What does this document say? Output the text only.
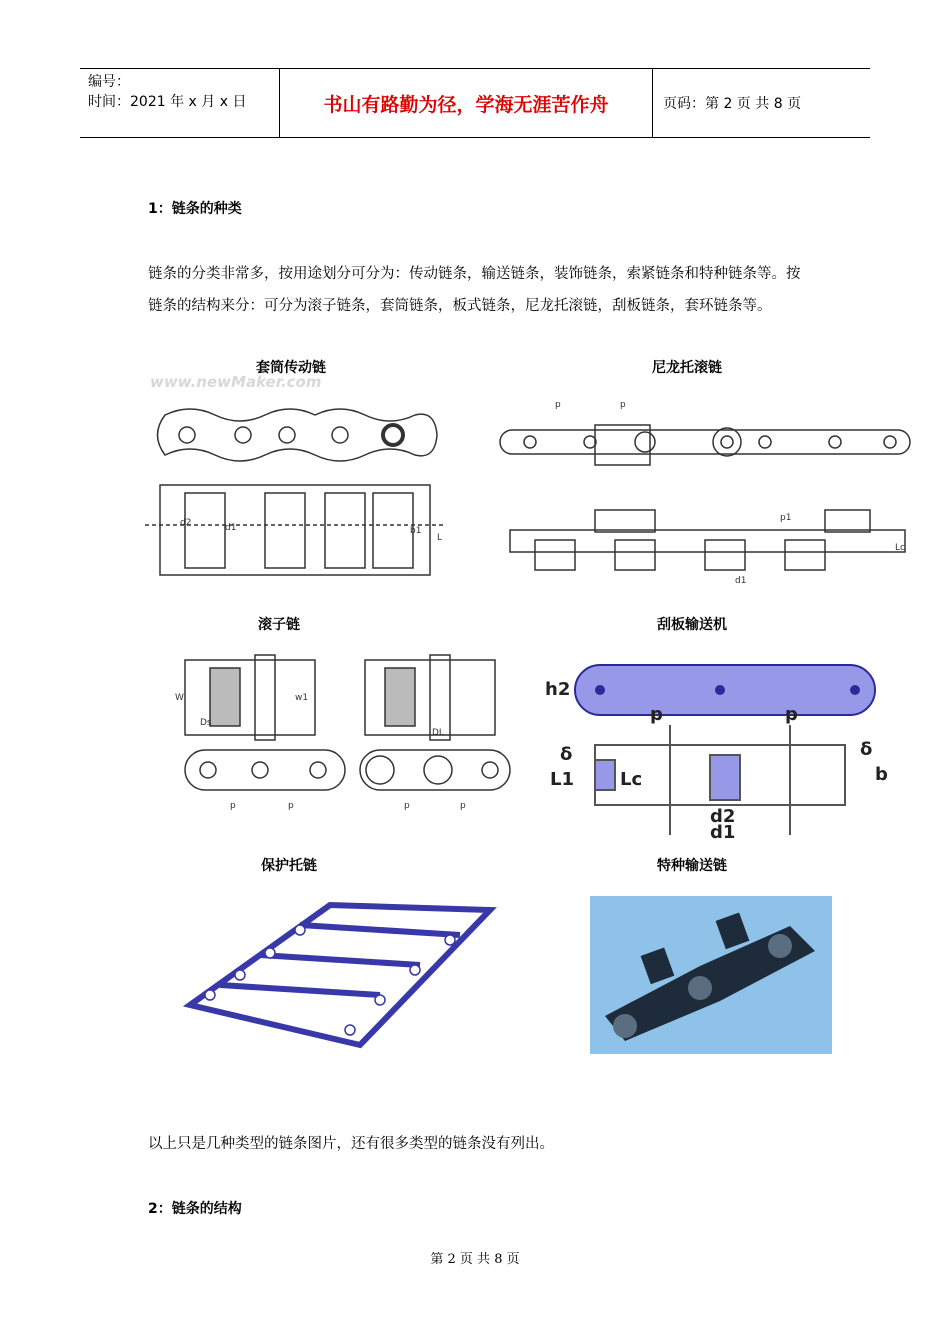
编号：
时间：2021 年 x 月 x 日	书山有路勤为径，学海无涯苦作舟	页码：第 2 页 共 8 页
1：链条的种类
链条的分类非常多，按用途划分可分为：传动链条，输送链条，装饰链条，索紧链条和特种链条等。按链条的结构来分：可分为滚子链条，套筒链条，板式链条，尼龙托滚链，刮板链条，套环链条等。
套筒传动链
www.newMaker.com
d2	d1	b1
L
尼龙托滚链
p	p
p1
d1
Lc
滚子链
W	w1
Ds
DL
p	p	p	p
刮板输送机
h2
p	p
δ
L1	Lc
δ
b
d2
d1
保护托链	特种输送链
以上只是几种类型的链条图片，还有很多类型的链条没有列出。
2：链条的结构
第 2 页 共 8 页
